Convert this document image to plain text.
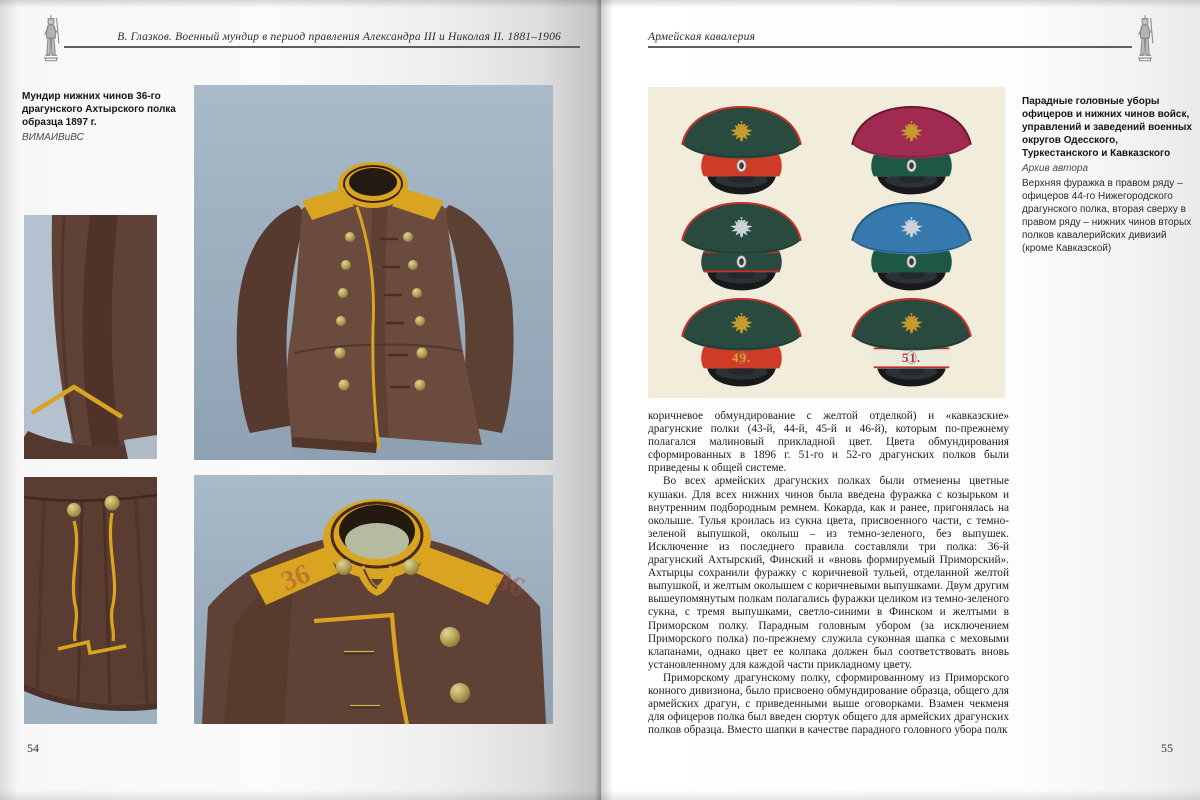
В. Глазков. Военный мундир в период правления Александра III и Николая II. 1881–1906
Мундир нижних чинов 36-го драгунского Ахтырского полка образца 1897 г.
ВИМАИВиВС
36	36
54
Армейская кавалерия
49.	51.
Парадные головные уборы офицеров и нижних чинов войск, управлений и заведений военных округов Одесского, Туркестанского и Кавказского
Архив автора
Верхняя фуражка в правом ряду – офицеров 44-го Нижегородского драгунского полка, вторая сверху в правом ряду – нижних чинов вторых полков кавалерийских дивизий (кроме Кавказской)

коричневое обмундирование с желтой отделкой) и «кавказские» драгунские полки (43-й, 44-й, 45-й и 46-й), которым по-прежнему полагался малиновый прикладной цвет. Цвета обмундирования сформированных в 1896 г. 51-го и 52-го драгунских полков были приведены к общей системе.

Во всех армейских драгунских полках были отменены цветные кушаки. Для всех нижних чинов была введена фуражка с козырьком и внутренним подбородным ремнем. Кокарда, как и ранее, пригонялась на околыше. Тулья кроилась из сукна цвета, присвоенного части, с темно-зеленой выпушкой, околыш – из темно-зеленого, без выпушек. Исключение из последнего правила составляли три полка: 36-й драгунский Ахтырский, Финский и «вновь формируемый Приморский». Ахтырцы сохранили фуражку с коричневой тульей, отделанной желтой выпушкой, и желтым околышем с коричневыми выпушками. Двум другим вышеупомянутым полкам полагались фуражки целиком из темно-зеленого сукна, с тремя выпушками, светло-синими в Финском и желтыми в Приморском полку. Парадным головным убором (за исключением Приморского полка) по-прежнему служила суконная шапка с меховыми клапанами, однако цвет ее колпака должен был соответствовать вновь установленному для каждой части прикладному цвету.

Приморскому драгунскому полку, сформированному из Приморского конного дивизиона, было присвоено обмундирование образца, общего для армейских драгун, с приведенными выше оговорками. Взамен чекменя для офицеров полка был введен сюртук общего для армейских драгунских полков образца. Вместо шапки в качестве парадного головного убора полк

55
